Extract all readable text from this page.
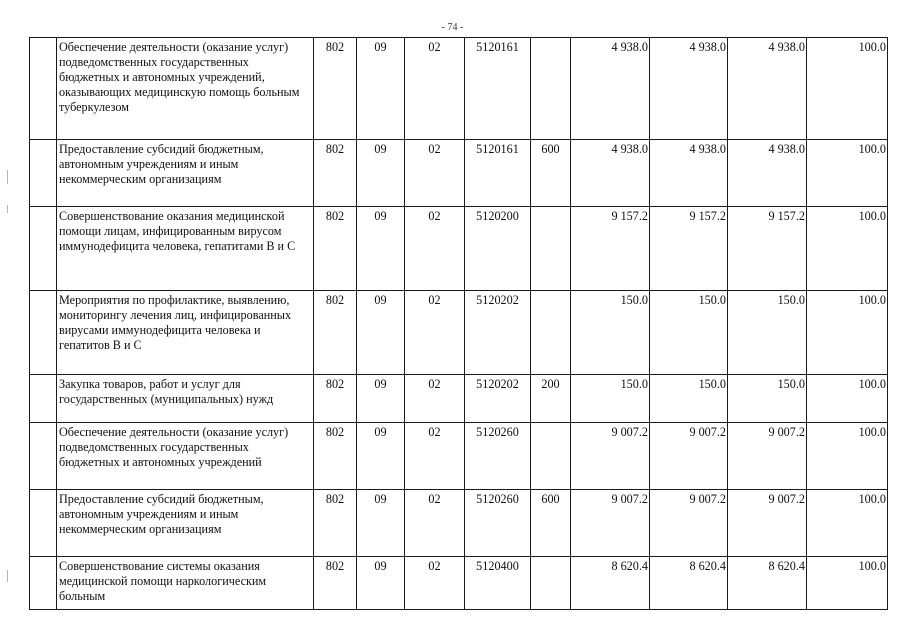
- 74 -
	Обеспечение деятельности (оказание услуг) подведомственных государственных бюджетных и автономных учреждений, оказывающих медицинскую помощь больным туберкулезом	802	09	02	5120161		4 938.0	4 938.0	4 938.0	100.0
	Предоставление субсидий бюджетным, автономным учреждениям и иным некоммерческим организациям	802	09	02	5120161	600	4 938.0	4 938.0	4 938.0	100.0
	Совершенствование оказания медицинской помощи лицам, инфицированным вирусом иммунодефицита человека, гепатитами В и С	802	09	02	5120200		9 157.2	9 157.2	9 157.2	100.0
	Мероприятия по профилактике, выявлению, мониторингу лечения лиц, инфицированных вирусами иммунодефицита человека и гепатитов В и С	802	09	02	5120202		150.0	150.0	150.0	100.0
	Закупка товаров, работ и услуг для государственных (муниципальных) нужд	802	09	02	5120202	200	150.0	150.0	150.0	100.0
	Обеспечение деятельности (оказание услуг) подведомственных государственных бюджетных и автономных учреждений	802	09	02	5120260		9 007.2	9 007.2	9 007.2	100.0
	Предоставление субсидий бюджетным, автономным учреждениям и иным некоммерческим организациям	802	09	02	5120260	600	9 007.2	9 007.2	9 007.2	100.0
	Совершенствование системы оказания медицинской помощи наркологическим больным	802	09	02	5120400		8 620.4	8 620.4	8 620.4	100.0
